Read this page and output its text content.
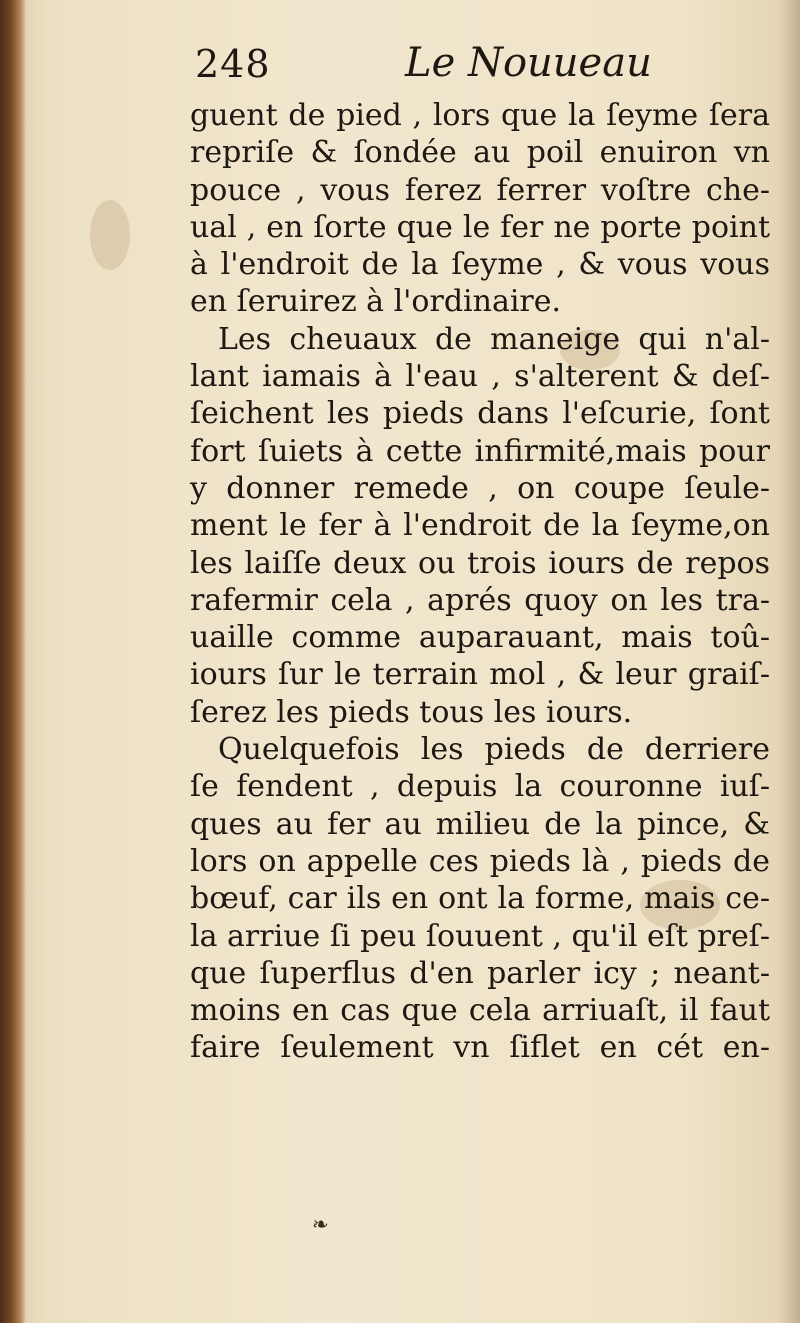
248	Le Nouueau
guent de pied , lors que la ſeyme ſera
repriſe & ſondée au poil enuiron vn
pouce , vous ferez ferrer voſtre che-
ual , en ſorte que le fer ne porte point
à l'endroit de la ſeyme , & vous vous
en ſeruirez à l'ordinaire.
Les cheuaux de maneige qui n'al-
lant iamais à l'eau , s'alterent & deſ-
ſeichent les pieds dans l'eſcurie, ſont
fort ſuiets à cette infirmité,mais pour
y donner remede , on coupe ſeule-
ment le fer à l'endroit de la ſeyme,on
les laiſſe deux ou trois iours de repos
rafermir cela , aprés quoy on les tra-
uaille comme auparauant, mais toû-
iours ſur le terrain mol , & leur graiſ-
ſerez les pieds tous les iours.
Quelquefois les pieds de derriere
ſe fendent , depuis la couronne iuſ-
ques au fer au milieu de la pince, &
lors on appelle ces pieds là , pieds de
bœuf, car ils en ont la forme, mais ce-
la arriue ſi peu ſouuent , qu'il eſt preſ-
que ſuperflus d'en parler icy ; neant-
moins en cas que cela arriuaſt, il faut
faire ſeulement vn ſiflet en cét en-
❧
